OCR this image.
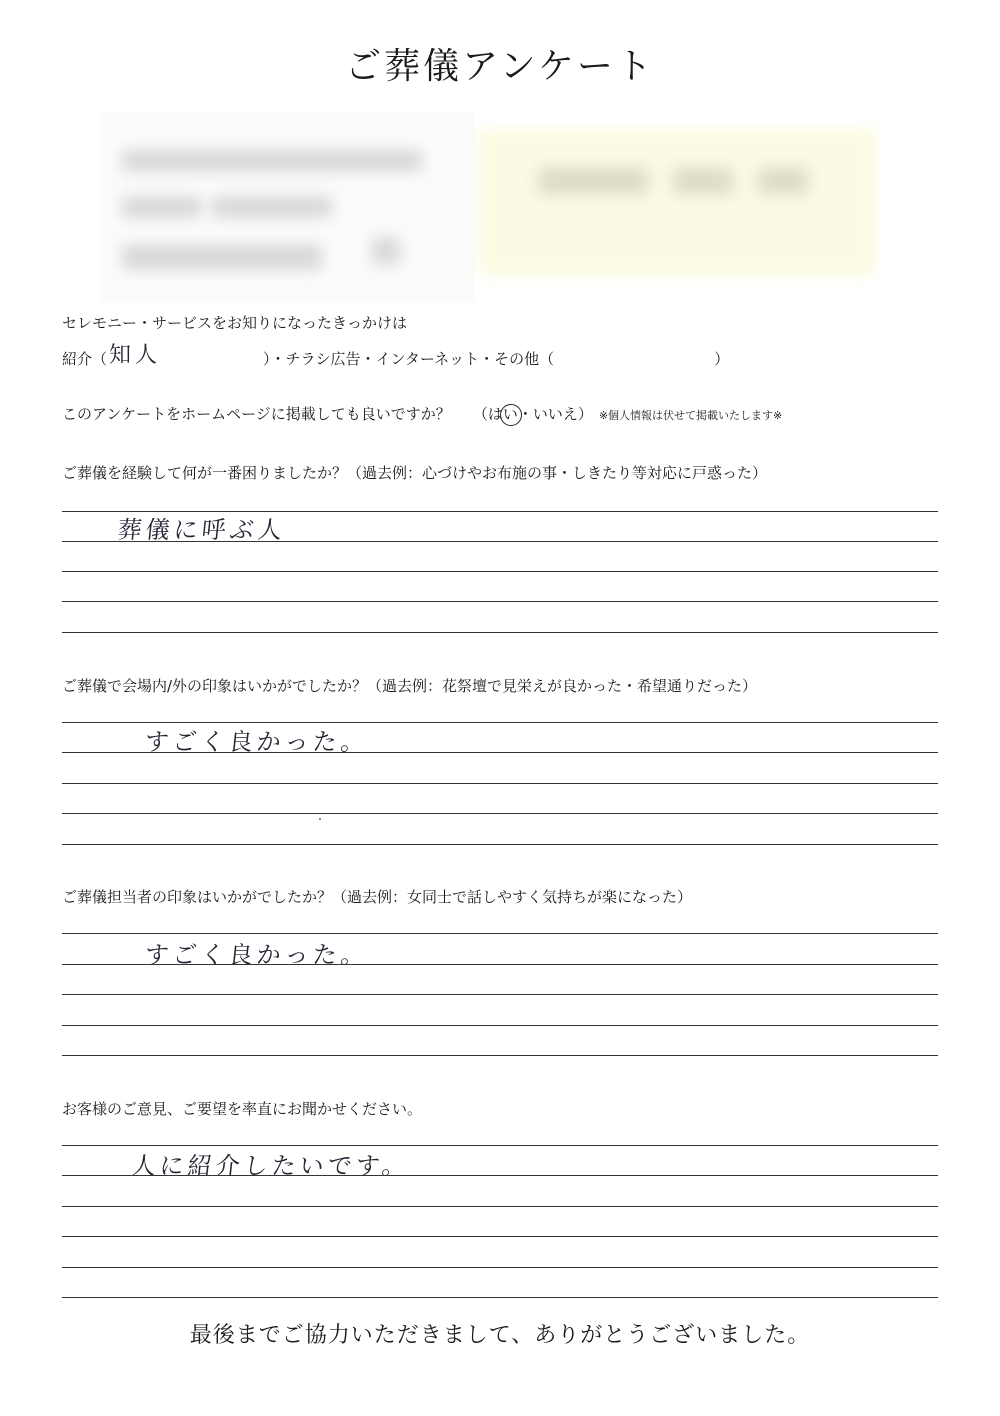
ご葬儀アンケート
セレモニー・サービスをお知りになったきっかけは
紹介（知人	）・チラシ広告・インターネット・その他（	）
このアンケートをホームページに掲載しても良いですか？ （はい・いいえ） ※個人情報は伏せて掲載いたします※
ご葬儀を経験して何が一番困りましたか？（過去例：心づけやお布施の事・しきたり等対応に戸惑った）
葬儀に呼ぶ人
ご葬儀で会場内/外の印象はいかがでしたか？（過去例：花祭壇で見栄えが良かった・希望通りだった）
すごく良かった。
ご葬儀担当者の印象はいかがでしたか？（過去例：女同士で話しやすく気持ちが楽になった）
すごく良かった。
お客様のご意見、ご要望を率直にお聞かせください。
人に紹介したいです。
最後までご協力いただきまして、ありがとうございました。
